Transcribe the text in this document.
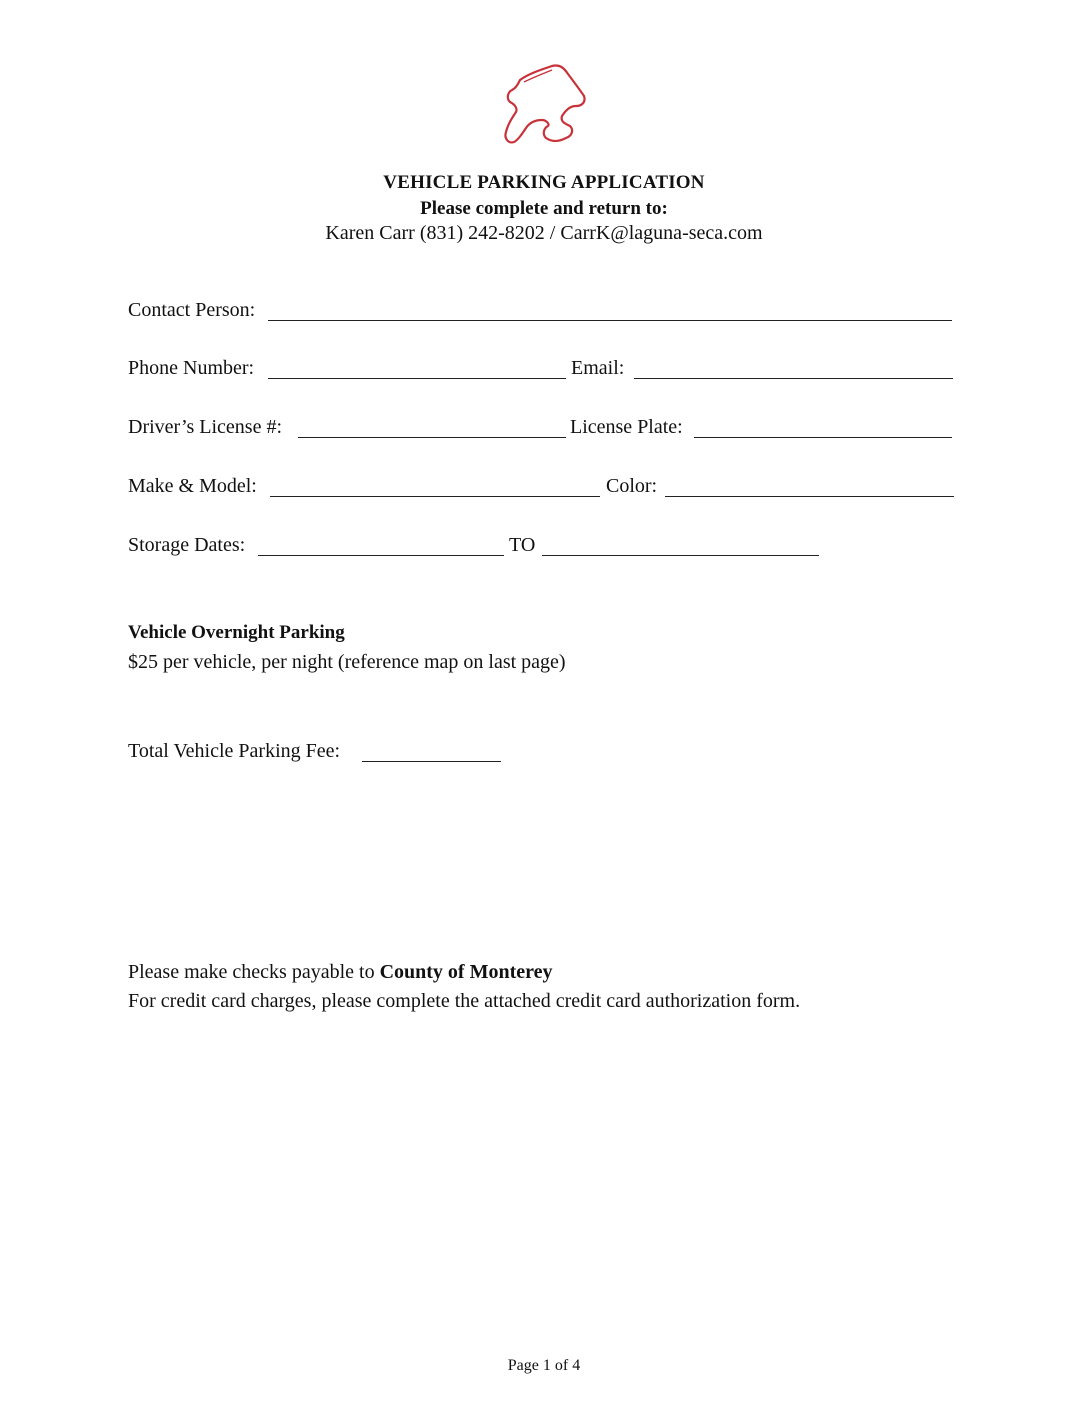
VEHICLE PARKING APPLICATION
Please complete and return to:
Karen Carr (831) 242-8202 / CarrK@laguna-seca.com
Contact Person:
Phone Number:	Email:
Driver’s License #:	License Plate:
Make & Model:	Color:
Storage Dates:	TO
Vehicle Overnight Parking
$25 per vehicle, per night (reference map on last page)
Total Vehicle Parking Fee:
Please make checks payable to County of Monterey
For credit card charges, please complete the attached credit card authorization form.
Page 1 of 4
